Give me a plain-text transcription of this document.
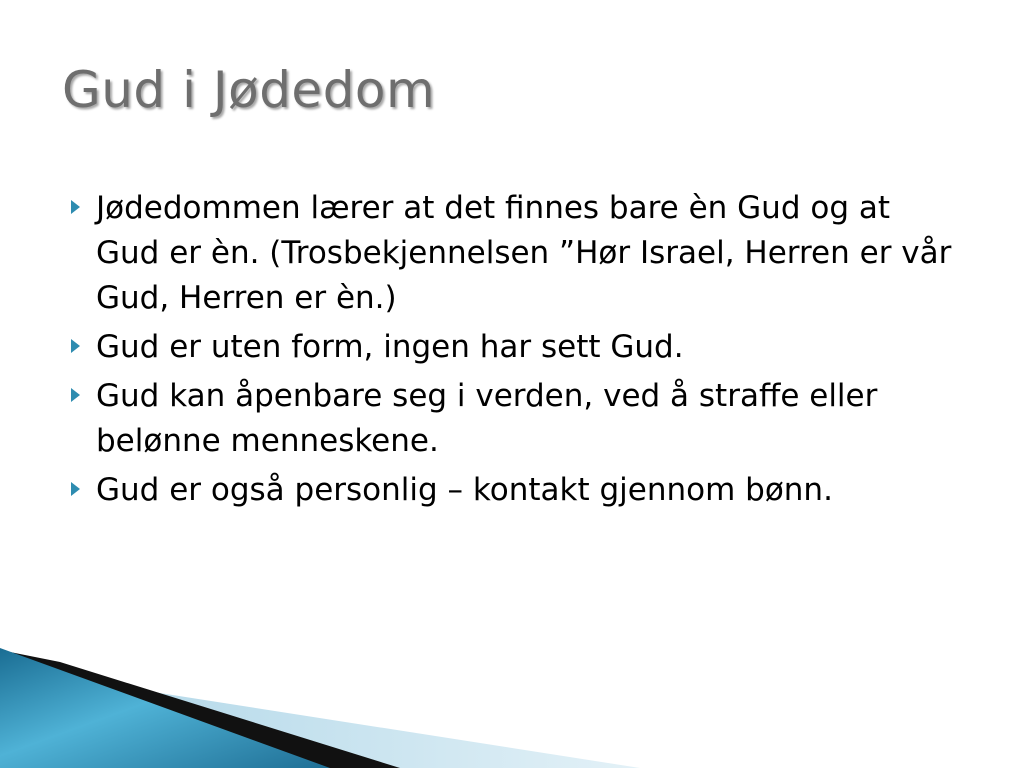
Gud i Jødedom
Jødedommen lærer at det finnes bare èn Gud og at Gud er èn. (Trosbekjennelsen ”Hør Israel, Herren er vår Gud, Herren er èn.)
Gud er uten form, ingen har sett Gud.
Gud kan åpenbare seg i verden, ved å straffe eller belønne menneskene.
Gud er også personlig – kontakt gjennom bønn.
